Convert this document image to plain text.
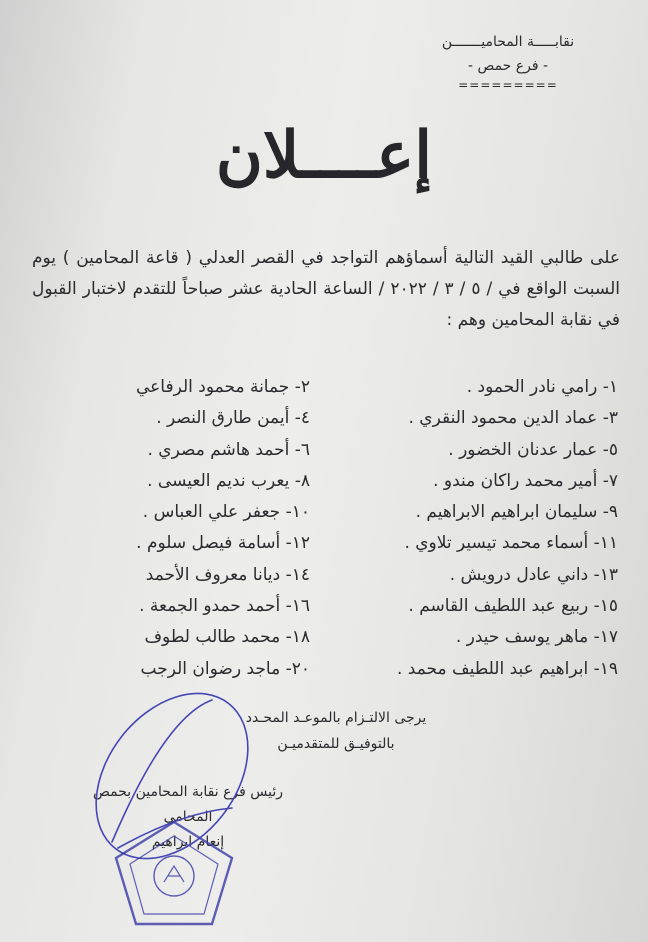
نقابـــــة المحاميـــــــن
- فرع حمص -
=========
إعــــلان
على طالبي القيد التالية أسماؤهم التواجد في القصر العدلي ( قاعة المحامين ) يوم السبت الواقع في / ٥ / ٣ / ٢٠٢٢ / الساعة الحادية عشر صباحاً للتقدم لاختبار القبول في نقابة المحامين وهم :
١- رامي نادر الحمود .
٢- جمانة محمود الرفاعي
٣- عماد الدين محمود النقري .
٤- أيمن طارق النصر .
٥- عمار عدنان الخضور .
٦- أحمد هاشم مصري .
٧- أمير محمد راكان مندو .
٨- يعرب نديم العيسى .
٩- سليمان ابراهيم الابراهيم .
١٠- جعفر علي العباس .
١١- أسماء محمد تيسير تلاوي .
١٢- أسامة فيصل سلوم .
١٣- داني عادل درويش .
١٤- ديانا معروف الأحمد
١٥- ربيع عبد اللطيف القاسم .
١٦- أحمد حمدو الجمعة .
١٧- ماهر يوسف حيدر .
١٨- محمد طالب لطوف
١٩- ابراهيم عبد اللطيف محمد .
٢٠- ماجد رضوان الرجب
يرجى الالتـزام بالموعـد المحـدد
بالتوفيـق للمتقدميـن
رئيس فرع نقابة المحامين بحمص
المحامي
إنعام ابراهيم
